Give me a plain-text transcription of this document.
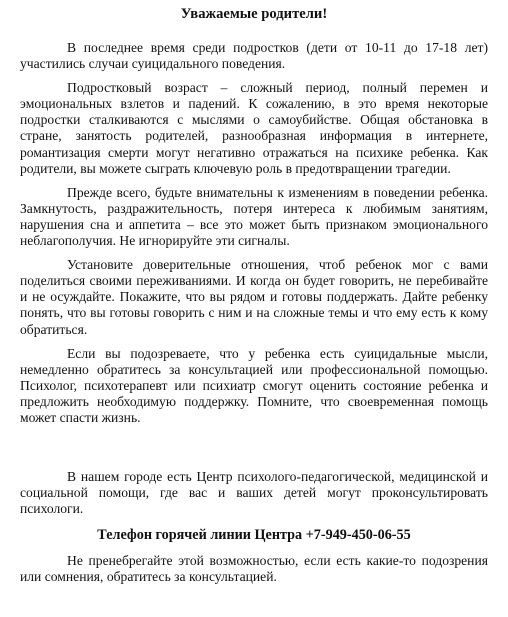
Уважаемые родители!

В последнее время среди подростков (дети от 10-11 до 17-18 лет) участились случаи суицидального поведения.

Подростковый возраст – сложный период, полный перемен и эмоциональных взлетов и падений. К сожалению, в это время некоторые подростки сталкиваются с мыслями о самоубийстве. Общая обстановка в стране, занятость родителей, разнообразная информация в интернете, романтизация смерти могут негативно отражаться на психике ребенка. Как родители, вы можете сыграть ключевую роль в предотвращении трагедии.

Прежде всего, будьте внимательны к изменениям в поведении ребенка. Замкнутость, раздражительность, потеря интереса к любимым занятиям, нарушения сна и аппетита – все это может быть признаком эмоционального неблагополучия. Не игнорируйте эти сигналы.

Установите доверительные отношения, чтоб ребенок мог с вами поделиться своими переживаниями. И когда он будет говорить, не перебивайте и не осуждайте. Покажите, что вы рядом и готовы поддержать. Дайте ребенку понять, что вы готовы говорить с ним и на сложные темы и что ему есть к кому обратиться.

Если вы подозреваете, что у ребенка есть суицидальные мысли, немедленно обратитесь за консультацией или профессиональной помощью. Психолог, психотерапевт или психиатр смогут оценить состояние ребенка и предложить необходимую поддержку. Помните, что своевременная помощь может спасти жизнь.

В нашем городе есть Центр психолого-педагогической, медицинской и социальной помощи, где вас и ваших детей могут проконсультировать психологи.

Телефон горячей линии Центра +7-949-450-06-55

Не пренебрегайте этой возможностью, если есть какие-то подозрения или сомнения, обратитесь за консультацией.
